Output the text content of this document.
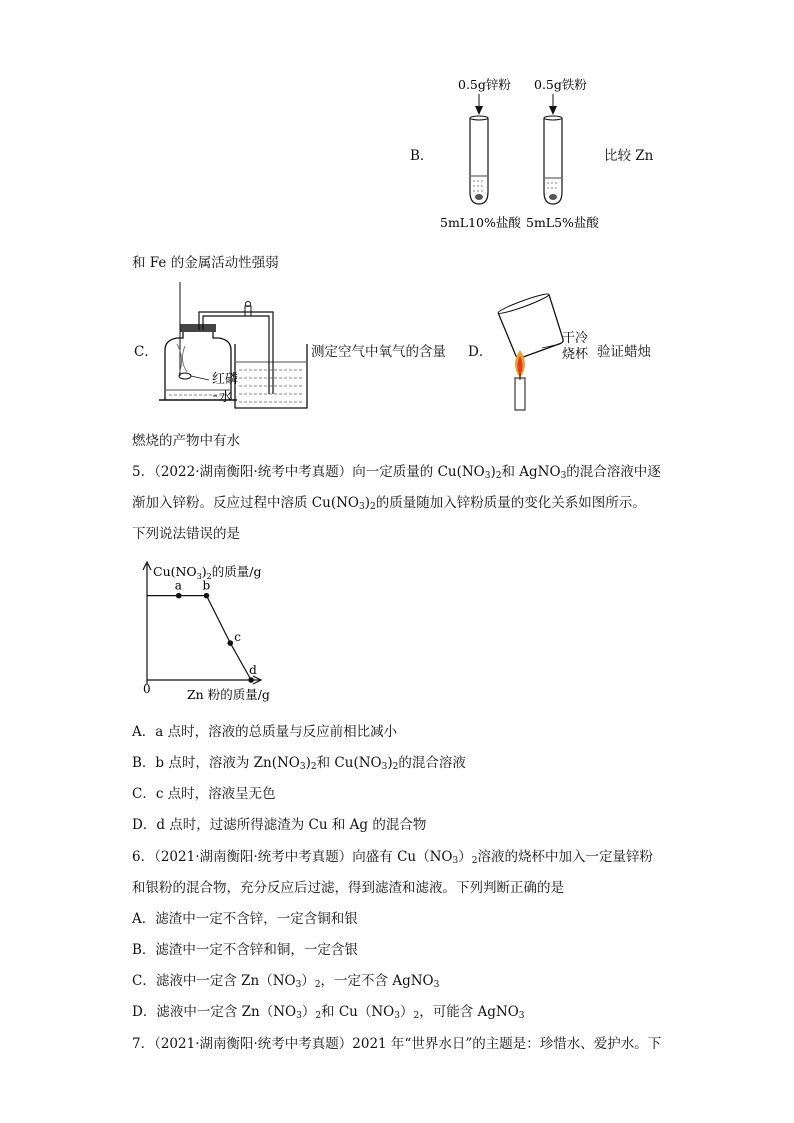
B．
0.5g锌粉 0.5g铁粉
5mL10%盐酸 5mL5%盐酸
比较 Zn
和 Fe 的金属活动性强弱
C．
红磷
水
测定空气中氧气的含量 D．
干冷
烧杯 验证蜡烛
燃烧的产物中有水
5．（2022·湖南衡阳·统考中考真题）向一定质量的 $Cu(NO_3)_2$和 AgNO$_3$的混合溶液中逐
渐加入锌粉。反应过程中溶质 $Cu(NO_3)_2$的质量随加入锌粉质量的变化关系如图所示。
下列说法错误的是
a b
c
d
$Cu(NO_3)_2$的质量/g
0	Zn 粉的质量/g
A．a 点时，溶液的总质量与反应前相比减小
B．b 点时，溶液为 $Zn(NO_3)_2$和 $Cu(NO_3)_2$的混合溶液
C．c 点时，溶液呈无色
D．d 点时，过滤所得滤渣为 Cu 和 Ag 的混合物
6．（2021·湖南衡阳·统考中考真题）向盛有 $Cu(NO_3)_2$溶液的烧杯中加入一定量锌粉
和银粉的混合物，充分反应后过滤，得到滤渣和滤液。下列判断正确的是
A．滤渣中一定不含锌，一定含铜和银
B．滤渣中一定不含锌和铜，一定含银
C．滤液中一定含 $Zn(NO_3)_2$，一定不含 AgNO$_3$
D．滤液中一定含 $Zn(NO_3)_2$和 $Cu(NO_3)_2$，可能含 AgNO$_3$
7．（2021·湖南衡阳·统考中考真题）2021 年“世界水日”的主题是：珍惜水、爱护水。下
